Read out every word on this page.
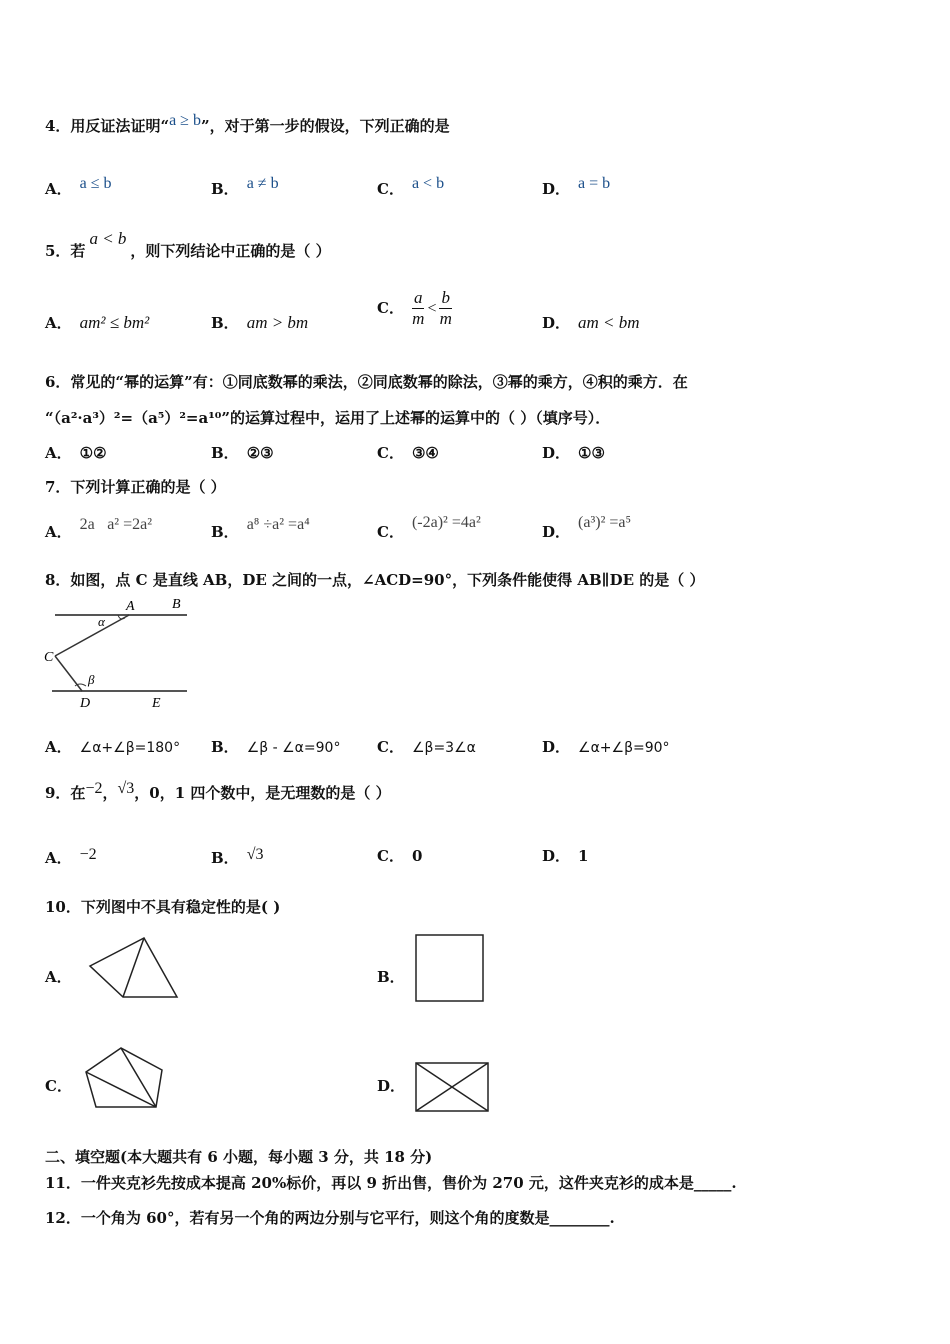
4．用反证法证明“a ≥ b”，对于第一步的假设，下列正确的是
A． a ≤ b	B． a ≠ b	C． a < b	D． a = b
5．若a < b，则下列结论中正确的是（ ）
A． am² ≤ bm²	B． am > bm
C． $\frac{a}{m} < \frac{b}{m}$	D． am < bm
6．常见的“幂的运算”有：①同底数幂的乘法，②同底数幂的除法，③幂的乘方，④积的乘方．在
“（a²·a³）²=（a⁵）²=a¹⁰”的运算过程中，运用了上述幂的运算中的（ ）（填序号）．
A． ①②	B． ②③	C． ③④	D． ①③
7．下列计算正确的是（ ）
A． 2a⃞a² =2a²	B． a⁸ ÷a² =a⁴	C．(-2a)² =4a²
D．(a³)² =a⁵
8．如图，点 C 是直线 AB，DE 之间的一点，∠ACD=90°，下列条件能使得 AB∥DE 的是（ ）
A	B
C
D	E
α
β
A． ∠α+∠β=180° B． ∠β - ∠α=90° C． ∠β=3∠α	D． ∠α+∠β=90°
9．在−2，√3，0，1 四个数中，是无理数的是（ ）
A． −2	B． √3	C． 0	D． 1
10．下列图中不具有稳定性的是( )
A．	B．
C．	D．
二、填空题(本大题共有 6 小题，每小题 3 分，共 18 分)
11．一件夹克衫先按成本提高 20%标价，再以 9 折出售，售价为 270 元，这件夹克衫的成本是_____.
12．一个角为 60°，若有另一个角的两边分别与它平行，则这个角的度数是________.
